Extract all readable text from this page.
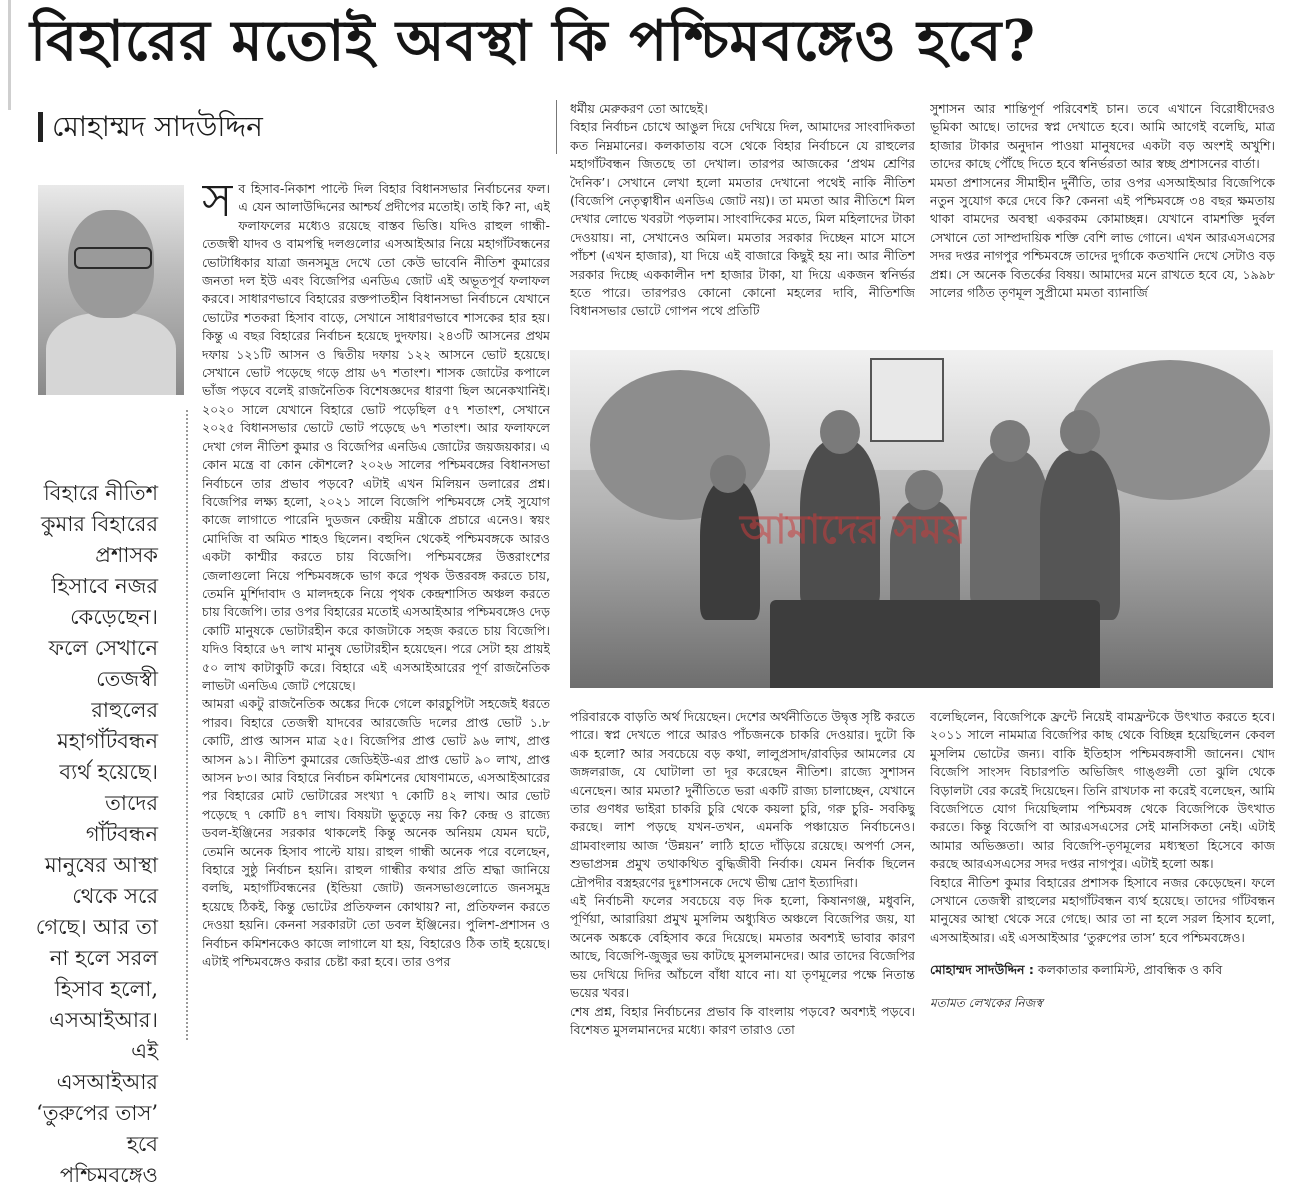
বিহারের মতোই অবস্থা কি পশ্চিমবঙ্গেও হবে?
মোহাম্মদ সাদউদ্দিন
বিহারে নীতিশ কুমার বিহারের প্রশাসক হিসাবে নজর কেড়েছেন। ফলে সেখানে তেজস্বী রাহুলের মহাগাঁটবন্ধন ব্যর্থ হয়েছে। তাদের গাঁটবন্ধন মানুষের আস্থা থেকে সরে গেছে। আর তা না হলে সরল হিসাব হলো, এসআইআর। এই এসআইআর ‘তুরুপের তাস’ হবে পশ্চিমবঙ্গেও
স ব হিসাব-নিকাশ পাল্টে দিল বিহার বিধানসভার নির্বাচনের ফল। এ যেন আলাউদ্দিনের আশ্চর্য প্রদীপের মতোই। তাই কি? না, এই ফলাফলের মধ্যেও রয়েছে বাস্তব ভিত্তি। যদিও রাহুল গান্ধী-তেজস্বী যাদব ও বামপন্থি দলগুলোর এসআইআর নিয়ে মহাগাঁটবন্ধনের ভোটাধিকার যাত্রা জনসমুদ্র দেখে তো কেউ ভাবেনি নীতিশ কুমারের জনতা দল ইউ এবং বিজেপির এনডিএ জোট এই অভূতপূর্ব ফলাফল করবে। সাধারণভাবে বিহারের রক্তপাতহীন বিধানসভা নির্বাচনে যেখানে ভোটের শতকরা হিসাব বাড়ে, সেখানে সাধারণভাবে শাসকের হার হয়। কিন্তু এ বছর বিহারের নির্বাচন হয়েছে দুদফায়। ২৪৩টি আসনের প্রথম দফায় ১২১টি আসন ও দ্বিতীয় দফায় ১২২ আসনে ভোট হয়েছে। সেখানে ভোট পড়েছে গড়ে প্রায় ৬৭ শতাংশ। শাসক জোটের কপালে ভাঁজ পড়বে বলেই রাজনৈতিক বিশেষজ্ঞদের ধারণা ছিল অনেকখানিই। ২০২০ সালে যেখানে বিহারে ভোট পড়েছিল ৫৭ শতাংশ, সেখানে ২০২৫ বিধানসভার ভোটে ভোট পড়েছে ৬৭ শতাংশ। আর ফলাফলে দেখা গেল নীতিশ কুমার ও বিজেপির এনডিএ জোটের জয়জয়কার। এ কোন মন্ত্রে বা কোন কৌশলে? ২০২৬ সালের পশ্চিমবঙ্গের বিধানসভা নির্বাচনে তার প্রভাব পড়বে? এটাই এখন মিলিয়ন ডলারের প্রশ্ন। বিজেপির লক্ষ্য হলো, ২০২১ সালে বিজেপি পশ্চিমবঙ্গে সেই সুযোগ কাজে লাগাতে পারেনি দুডজন কেন্দ্রীয় মন্ত্রীকে প্রচারে এনেও। স্বয়ং মোদিজি বা অমিত শাহও ছিলেন। বহুদিন থেকেই পশ্চিমবঙ্গকে আরও একটা কাশ্মীর করতে চায় বিজেপি। পশ্চিমবঙ্গের উত্তরাংশের জেলাগুলো নিয়ে পশ্চিমবঙ্গকে ভাগ করে পৃথক উত্তরবঙ্গ করতে চায়, তেমনি মুর্শিদাবাদ ও মালদহকে নিয়ে পৃথক কেন্দ্রশাসিত অঞ্চল করতে চায় বিজেপি। তার ওপর বিহারের মতোই এসআইআর পশ্চিমবঙ্গেও দেড় কোটি মানুষকে ভোটারহীন করে কাজটাকে সহজ করতে চায় বিজেপি। যদিও বিহারে ৬৭ লাখ মানুষ ভোটারহীন হয়েছেন। পরে সেটা হয় প্রায়ই ৫০ লাখ কাটাকুটি করে। বিহারে এই এসআইআরের পূর্ণ রাজনৈতিক লাভটা এনডিএ জোট পেয়েছে।
আমরা একটু রাজনৈতিক অঙ্কের দিকে গেলে কারচুপিটা সহজেই ধরতে পারব। বিহারে তেজস্বী যাদবের আরজেডি দলের প্রাপ্ত ভোট ১.৮ কোটি, প্রাপ্ত আসন মাত্র ২৫। বিজেপির প্রাপ্ত ভোট ৯৬ লাখ, প্রাপ্ত আসন ৯১। নীতিশ কুমারের জেডিইউ-এর প্রাপ্ত ভোট ৯০ লাখ, প্রাপ্ত আসন ৮৩। আর বিহারে নির্বাচন কমিশনের ঘোষণামতে, এসআইআরের পর বিহারের মোট ভোটারের সংখ্যা ৭ কোটি ৪২ লাখ। আর ভোট পড়েছে ৭ কোটি ৪৭ লাখ। বিষয়টা ভুতুড়ে নয় কি? কেন্দ্র ও রাজ্যে ডবল-ইঞ্জিনের সরকার থাকলেই কিন্তু অনেক অনিয়ম যেমন ঘটে, তেমনি অনেক হিসাব পাল্টে যায়। রাহুল গান্ধী অনেক পরে বলেছেন, বিহারে সুষ্ঠু নির্বাচন হয়নি। রাহুল গান্ধীর কথার প্রতি শ্রদ্ধা জানিয়ে বলছি, মহাগাঁটবন্ধনের (ইন্ডিয়া জোট) জনসভাগুলোতে জনসমুদ্র হয়েছে ঠিকই, কিন্তু ভোটের প্রতিফলন কোথায়? না, প্রতিফলন করতে দেওয়া হয়নি। কেননা সরকারটা তো ডবল ইঞ্জিনের। পুলিশ-প্রশাসন ও নির্বাচন কমিশনকেও কাজে লাগালে যা হয়, বিহারেও ঠিক তাই হয়েছে। এটাই পশ্চিমবঙ্গেও করার চেষ্টা করা হবে। তার ওপর
ধর্মীয় মেরুকরণ তো আছেই।
বিহার নির্বাচন চোখে আঙুল দিয়ে দেখিয়ে দিল, আমাদের সাংবাদিকতা কত নিম্নমানের। কলকাতায় বসে থেকে বিহার নির্বাচনে যে রাহুলের মহাগাঁটবন্ধন জিতছে তা দেখাল। তারপর আজকের ‘প্রথম শ্রেণির দৈনিক’। সেখানে লেখা হলো মমতার দেখানো পথেই নাকি নীতিশ (বিজেপি নেতৃত্বাধীন এনডিএ জোট নয়)। তা মমতা আর নীতিশে মিল দেখার লোভে খবরটা পড়লাম। সাংবাদিকের মতে, মিল মহিলাদের টাকা দেওয়ায়। না, সেখানেও অমিল। মমতার সরকার দিচ্ছেন মাসে মাসে পাঁচশ (এখন হাজার), যা দিয়ে এই বাজারে কিছুই হয় না। আর নীতিশ সরকার দিচ্ছে এককালীন দশ হাজার টাকা, যা দিয়ে একজন স্বনির্ভর হতে পারে। তারপরও কোনো কোনো মহলের দাবি, নীতিশজি বিধানসভার ভোটে গোপন পথে প্রতিটি
সুশাসন আর শান্তিপূর্ণ পরিবেশই চান। তবে এখানে বিরোধীদেরও ভূমিকা আছে। তাদের স্বপ্ন দেখাতে হবে। আমি আগেই বলেছি, মাত্র হাজার টাকার অনুদান পাওয়া মানুষদের একটা বড় অংশই অখুশি। তাদের কাছে পৌঁছে দিতে হবে স্বনির্ভরতা আর স্বচ্ছ প্রশাসনের বার্তা।
মমতা প্রশাসনের সীমাহীন দুর্নীতি, তার ওপর এসআইআর বিজেপিকে নতুন সুযোগ করে দেবে কি? কেননা এই পশ্চিমবঙ্গে ৩৪ বছর ক্ষমতায় থাকা বামদের অবস্থা একরকম কোমাচ্ছন্ন। যেখানে বামশক্তি দুর্বল সেখানে তো সাম্প্রদায়িক শক্তি বেশি লাভ গোনে। এখন আরএসএসের সদর দপ্তর নাগপুর পশ্চিমবঙ্গে তাদের দুর্গাকে কতখানি দেখে সেটাও বড় প্রশ্ন। সে অনেক বিতর্কের বিষয়। আমাদের মনে রাখতে হবে যে, ১৯৯৮ সালের গঠিত তৃণমূল সুপ্রীমো মমতা ব্যানার্জি
আমাদের সময়
পরিবারকে বাড়তি অর্থ দিয়েছেন। দেশের অর্থনীতিতে উদ্বৃত্ত সৃষ্টি করতে পারে। স্বপ্ন দেখতে পারে আরও পাঁচজনকে চাকরি দেওয়ার। দুটো কি এক হলো? আর সবচেয়ে বড় কথা, লালুপ্রসাদ/রাবড়ির আমলের যে জঙ্গলরাজ, যে ঘোটালা তা দূর করেছেন নীতিশ। রাজ্যে সুশাসন এনেছেন। আর মমতা? দুর্নীতিতে ভরা একটি রাজ্য চালাচ্ছেন, যেখানে তার গুণধর ভাইরা চাকরি চুরি থেকে কয়লা চুরি, গরু চুরি- সবকিছু করছে। লাশ পড়ছে যখন-তখন, এমনকি পঞ্চায়েত নির্বাচনেও। গ্রামবাংলায় আজ ‘উন্নয়ন’ লাঠি হাতে দাঁড়িয়ে রয়েছে। অপর্ণা সেন, শুভাপ্রসন্ন প্রমুখ তথাকথিত বুদ্ধিজীবী নির্বাক। যেমন নির্বাক ছিলেন দ্রৌপদীর বস্ত্রহরণের দুঃশাসনকে দেখে ভীষ্ম দ্রোণ ইত্যাদিরা।
এই নির্বাচনী ফলের সবচেয়ে বড় দিক হলো, কিষানগঞ্জ, মধুবনি, পূর্ণিয়া, আরারিয়া প্রমুখ মুসলিম অধ্যুষিত অঞ্চলে বিজেপির জয়, যা অনেক অঙ্ককে বেহিসাব করে দিয়েছে। মমতার অবশ্যই ভাবার কারণ আছে, বিজেপি-জুজুর ভয় কাটছে মুসলমানদের। আর তাদের বিজেপির ভয় দেখিয়ে দিদির আঁচলে বাঁধা যাবে না। যা তৃণমূলের পক্ষে নিতান্ত ভয়ের খবর।
শেষ প্রশ্ন, বিহার নির্বাচনের প্রভাব কি বাংলায় পড়বে? অবশ্যই পড়বে। বিশেষত মুসলমানদের মধ্যে। কারণ তারাও তো
বলেছিলেন, বিজেপিকে ফ্রন্টে নিয়েই বামফ্রন্টকে উৎখাত করতে হবে। ২০১১ সালে নামমাত্র বিজেপির কাছ থেকে বিচ্ছিন্ন হয়েছিলেন কেবল মুসলিম ভোটের জন্য। বাকি ইতিহাস পশ্চিমবঙ্গবাসী জানেন। খোদ বিজেপি সাংসদ বিচারপতি অভিজিৎ গাঙ্গুলী তো ঝুলি থেকে বিড়ালটা বের করেই দিয়েছেন। তিনি রাখঢাক না করেই বলেছেন, আমি বিজেপিতে যোগ দিয়েছিলাম পশ্চিমবঙ্গ থেকে বিজেপিকে উৎখাত করতে। কিন্তু বিজেপি বা আরএসএসের সেই মানসিকতা নেই। এটাই আমার অভিজ্ঞতা। আর বিজেপি-তৃণমূলের মধ্যস্থতা হিসেবে কাজ করছে আরএসএসের সদর দপ্তর নাগপুর। এটাই হলো অঙ্ক।
বিহারে নীতিশ কুমার বিহারের প্রশাসক হিসাবে নজর কেড়েছেন। ফলে সেখানে তেজস্বী রাহুলের মহাগাঁটবন্ধন ব্যর্থ হয়েছে। তাদের গাঁটবন্ধন মানুষের আস্থা থেকে সরে গেছে। আর তা না হলে সরল হিসাব হলো, এসআইআর। এই এসআইআর ‘তুরুপের তাস’ হবে পশ্চিমবঙ্গেও।
মোহাম্মদ সাদউদ্দিন : কলকাতার কলামিস্ট, প্রাবন্ধিক ও কবি
মতামত লেখকের নিজস্ব
